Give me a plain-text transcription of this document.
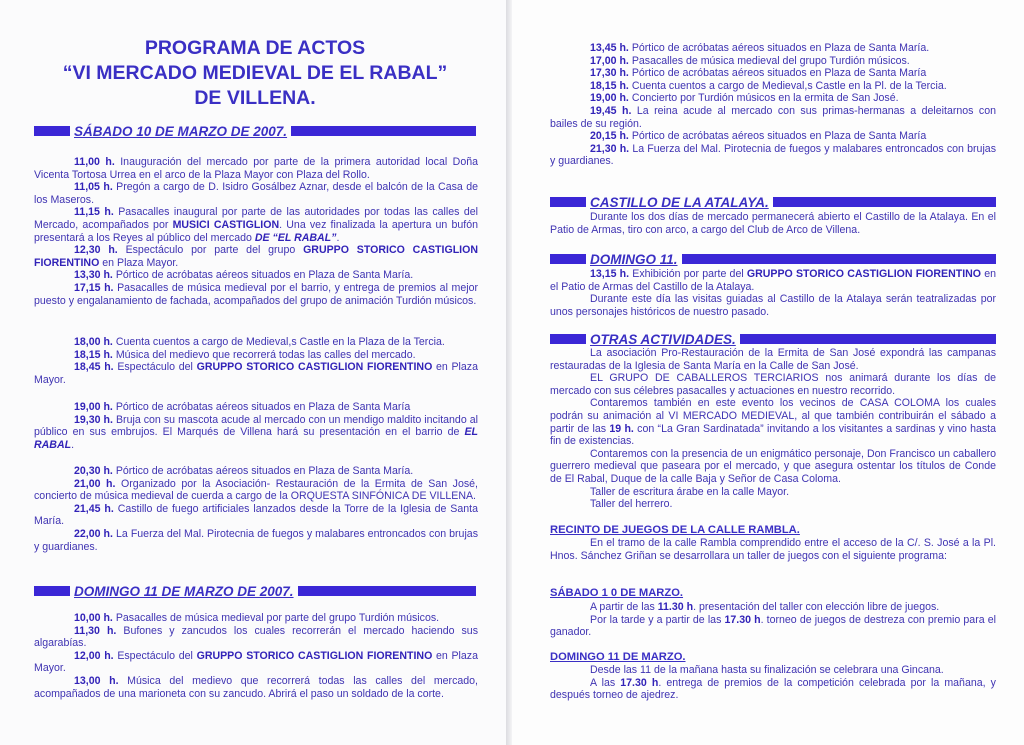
PROGRAMA DE ACTOS
“VI MERCADO MEDIEVAL DE EL RABAL”
DE VILLENA.
SÁBADO 10 DE MARZO DE 2007.

11,00 h. Inauguración del mercado por parte de la primera autoridad local Doña Vicenta Tortosa Urrea en el arco de la Plaza Mayor con Plaza del Rollo.

11,05 h. Pregón a cargo de D. Isidro Gosálbez Aznar, desde el balcón de la Casa de los Maseros.

11,15 h. Pasacalles inaugural por parte de las autoridades por todas las calles del Mercado, acompañados por MUSICI CASTIGLION. Una vez finalizada la apertura un bufón presentará a los Reyes al público del mercado DE “EL RABAL”.

12,30 h. Espectáculo por parte del grupo GRUPPO STORICO CASTIGLION FIORENTINO en Plaza Mayor.

13,30 h. Pórtico de acróbatas aéreos situados en Plaza de Santa María.

17,15 h. Pasacalles de música medieval por el barrio, y entrega de premios al mejor puesto y engalanamiento de fachada, acompañados del grupo de animación Turdión músicos.

18,00 h. Cuenta cuentos a cargo de Medieval,s Castle en la Plaza de la Tercia.

18,15 h. Música del medievo que recorrerá todas las calles del mercado.

18,45 h. Espectáculo del GRUPPO STORICO CASTIGLION FIORENTINO en Plaza Mayor.

19,00 h. Pórtico de acróbatas aéreos situados en Plaza de Santa María

19,30 h. Bruja con su mascota acude al mercado con un mendigo maldito incitando al público en sus embrujos. El Marqués de Villena hará su presentación en el barrio de EL RABAL.

20,30 h. Pórtico de acróbatas aéreos situados en Plaza de Santa María.

21,00 h. Organizado por la Asociación- Restauración de la Ermita de San José, concierto de música medieval de cuerda a cargo de la ORQUESTA SINFÓNICA DE VILLENA.

21,45 h. Castillo de fuego artificiales lanzados desde la Torre de la Iglesia de Santa María.

22,00 h. La Fuerza del Mal. Pirotecnia de fuegos y malabares entroncados con brujas y guardianes.

DOMINGO 11 DE MARZO DE 2007.

10,00 h. Pasacalles de música medieval por parte del grupo Turdión músicos.

11,30 h. Bufones y zancudos los cuales recorrerán el mercado haciendo sus algarabías.

12,00 h. Espectáculo del GRUPPO STORICO CASTIGLION FIORENTINO en Plaza Mayor.

13,00 h. Música del medievo que recorrerá todas las calles del mercado, acompañados de una marioneta con su zancudo. Abrirá el paso un soldado de la corte.

13,45 h. Pórtico de acróbatas aéreos situados en Plaza de Santa María.

17,00 h. Pasacalles de música medieval del grupo Turdión músicos.

17,30 h. Pórtico de acróbatas aéreos situados en Plaza de Santa María

18,15 h. Cuenta cuentos a cargo de Medieval,s Castle en la Pl. de la Tercia.

19,00 h. Concierto por Turdión músicos en la ermita de San José.

19,45 h. La reina acude al mercado con sus primas-hermanas a deleitarnos con bailes de su región.

20,15 h. Pórtico de acróbatas aéreos situados en Plaza de Santa María

21,30 h. La Fuerza del Mal. Pirotecnia de fuegos y malabares entroncados con brujas y guardianes.

CASTILLO DE LA ATALAYA.

Durante los dos días de mercado permanecerá abierto el Castillo de la Atalaya. En el Patio de Armas, tiro con arco, a cargo del Club de Arco de Villena.

DOMINGO 11.

13,15 h. Exhibición por parte del GRUPPO STORICO CASTIGLION FIORENTINO en el Patio de Armas del Castillo de la Atalaya.

Durante este día las visitas guiadas al Castillo de la Atalaya serán teatralizadas por unos personajes históricos de nuestro pasado.

OTRAS ACTIVIDADES.

La asociación Pro-Restauración de la Ermita de San José expondrá las campanas restauradas de la Iglesia de Santa María en la Calle de San José.

EL GRUPO DE CABALLEROS TERCIARIOS nos animará durante los días de mercado con sus célebres pasacalles y actuaciones en nuestro recorrido.

Contaremos también en este evento los vecinos de CASA COLOMA los cuales podrán su animación al VI MERCADO MEDIEVAL, al que también contribuirán el sábado a partir de las 19 h. con “La Gran Sardinatada” invitando a los visitantes a sardinas y vino hasta fin de existencias.

Contaremos con la presencia de un enigmático personaje, Don Francisco un caballero guerrero medieval que paseara por el mercado, y que asegura ostentar los títulos de Conde de El Rabal, Duque de la calle Baja y Señor de Casa Coloma.

Taller de escritura árabe en la calle Mayor.

Taller del herrero.

RECINTO DE JUEGOS DE LA CALLE RAMBLA.

En el tramo de la calle Rambla comprendido entre el acceso de la C/. S. José a la Pl. Hnos. Sánchez Griñan se desarrollara un taller de juegos con el siguiente programa:

SÁBADO 1 0 DE MARZO.

A partir de las 11.30 h. presentación del taller con elección libre de juegos.

Por la tarde y a partir de las 17.30 h. torneo de juegos de destreza con premio para el ganador.

DOMINGO 11 DE MARZO.

Desde las 11 de la mañana hasta su finalización se celebrara una Gincana.

A las 17.30 h. entrega de premios de la competición celebrada por la mañana, y después torneo de ajedrez.
